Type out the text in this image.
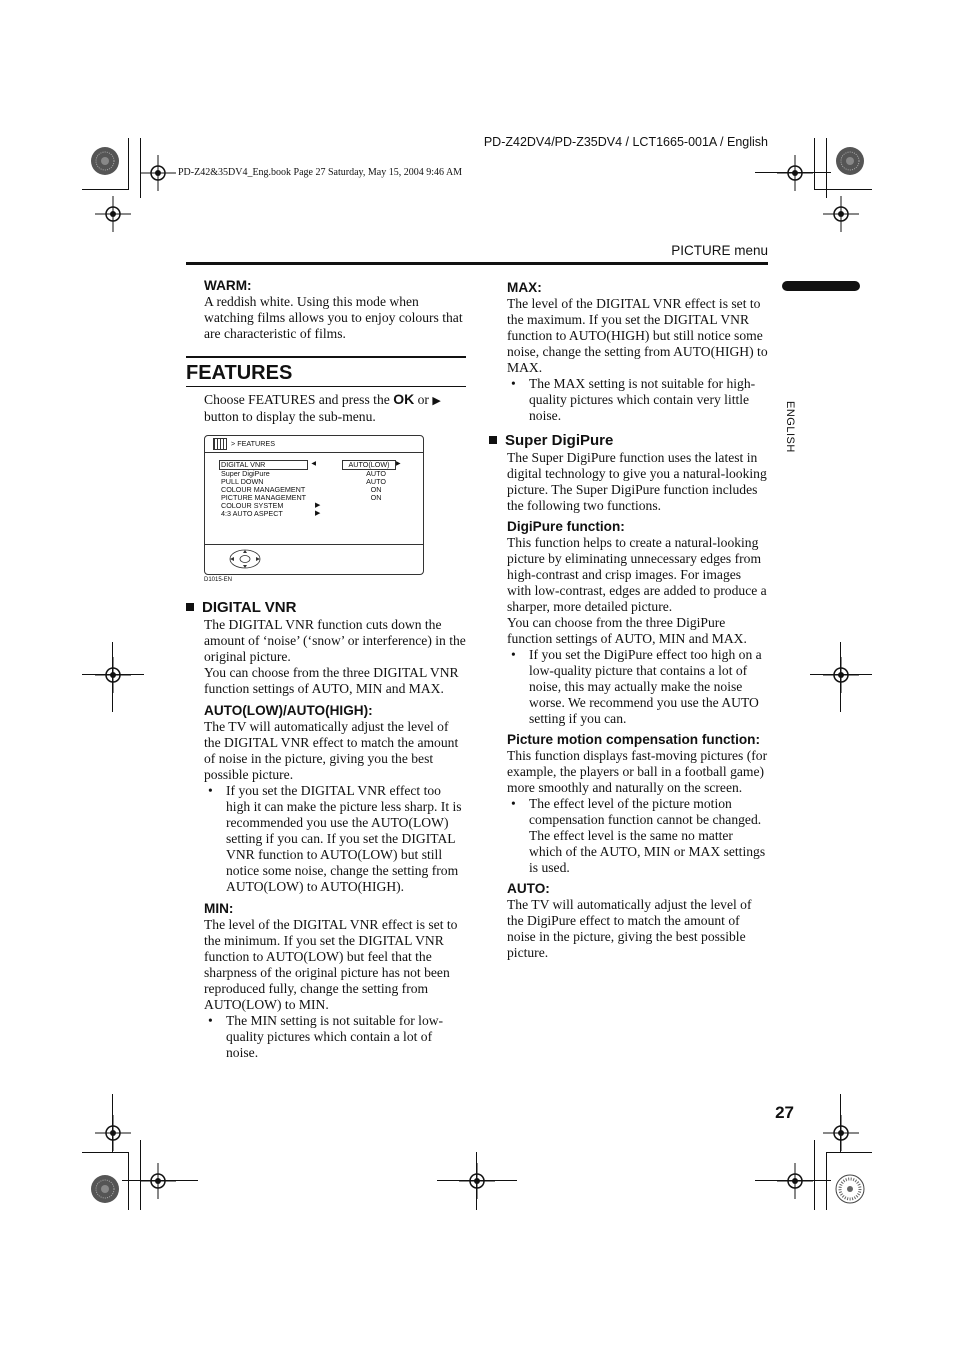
PD-Z42DV4/PD-Z35DV4 / LCT1665-001A / English
PD-Z42&35DV4_Eng.book Page 27 Saturday, May 15, 2004 9:46 AM
PICTURE menu
ENGLISH

WARM:

A reddish white. Using this mode when watching films allows you to enjoy colours that are characteristic of films.

FEATURES

Choose FEATURES and press the OK or ▶ button to display the sub-menu.

> FEATURES
DIGITAL VNR	◀	AUTO(LOW)	▶
Super DigiPure	AUTO
PULL DOWN	AUTO
COLOUR MANAGEMENT	ON
PICTURE MANAGEMENT	ON
COLOUR SYSTEM	▶
4:3 AUTO ASPECT	▶

D1015-EN

DIGITAL VNR

The DIGITAL VNR function cuts down the amount of ‘noise’ (‘snow’ or interference) in the original picture.

You can choose from the three DIGITAL VNR function settings of AUTO, MIN and MAX.

AUTO(LOW)/AUTO(HIGH):

The TV will automatically adjust the level of the DIGITAL VNR effect to match the amount of noise in the picture, giving you the best possible picture.

• If you set the DIGITAL VNR effect too high it can make the picture less sharp. It is recommended you use the AUTO(LOW) setting if you can. If you set the DIGITAL VNR function to AUTO(LOW) but still notice some noise, change the setting from AUTO(LOW) to AUTO(HIGH).

MIN:

The level of the DIGITAL VNR effect is set to the minimum. If you set the DIGITAL VNR function to AUTO(LOW) but feel that the sharpness of the original picture has not been reproduced fully, change the setting from AUTO(LOW) to MIN.

• The MIN setting is not suitable for low-quality pictures which contain a lot of noise.

MAX:

The level of the DIGITAL VNR effect is set to the maximum. If you set the DIGITAL VNR function to AUTO(HIGH) but still notice some noise, change the setting from AUTO(HIGH) to MAX.

• The MAX setting is not suitable for high-quality pictures which contain very little noise.

Super DigiPure

The Super DigiPure function uses the latest in digital technology to give you a natural-looking picture. The Super DigiPure function includes the following two functions.

DigiPure function:

This function helps to create a natural-looking picture by eliminating unnecessary edges from high-contrast and crisp images. For images with low-contrast, edges are added to produce a sharper, more detailed picture.

You can choose from the three DigiPure function settings of AUTO, MIN and MAX.

• If you set the DigiPure effect too high on a low-quality picture that contains a lot of noise, this may actually make the noise worse. We recommend you use the AUTO setting if you can.

Picture motion compensation function:

This function displays fast-moving pictures (for example, the players or ball in a football game) more smoothly and naturally on the screen.

• The effect level of the picture motion compensation function cannot be changed. The effect level is the same no matter which of the AUTO, MIN or MAX settings is used.

AUTO:

The TV will automatically adjust the level of the DigiPure effect to match the amount of noise in the picture, giving the best possible picture.

27
